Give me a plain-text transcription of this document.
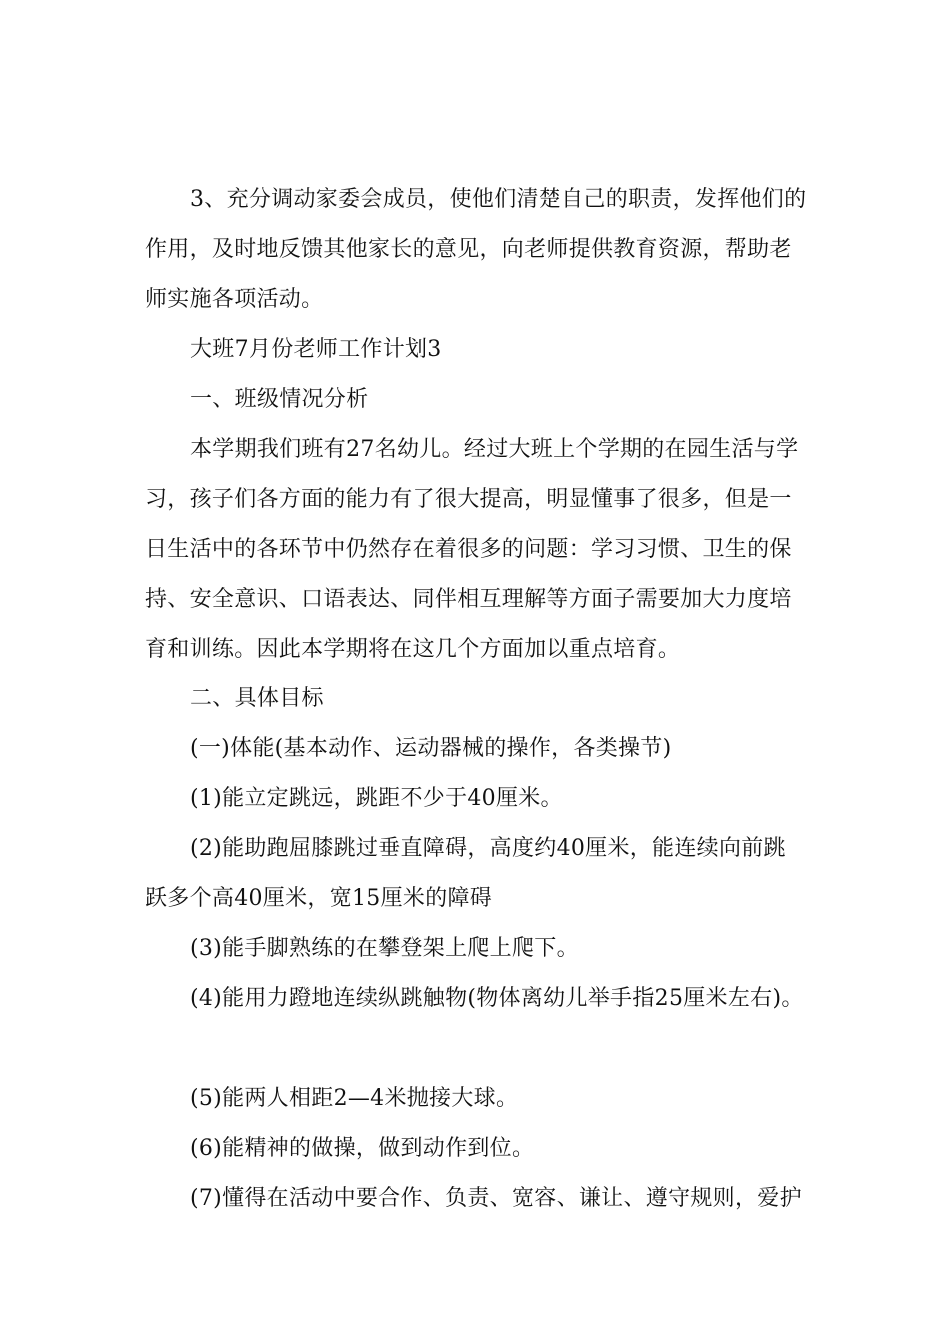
3、充分调动家委会成员，使他们清楚自己的职责，发挥他们的
作用，及时地反馈其他家长的意见，向老师提供教育资源，帮助老
师实施各项活动。
大班7月份老师工作计划3
一、班级情况分析
本学期我们班有27名幼儿。经过大班上个学期的在园生活与学
习，孩子们各方面的能力有了很大提高，明显懂事了很多，但是一
日生活中的各环节中仍然存在着很多的问题：学习习惯、卫生的保
持、安全意识、口语表达、同伴相互理解等方面子需要加大力度培
育和训练。因此本学期将在这几个方面加以重点培育。
二、具体目标
(一)体能(基本动作、运动器械的操作，各类操节)
(1)能立定跳远，跳距不少于40厘米。
(2)能助跑屈膝跳过垂直障碍，高度约40厘米，能连续向前跳
跃多个高40厘米，宽15厘米的障碍
(3)能手脚熟练的在攀登架上爬上爬下。
(4)能用力蹬地连续纵跳触物(物体离幼儿举手指25厘米左右)。
(5)能两人相距2—4米抛接大球。
(6)能精神的做操，做到动作到位。
(7)懂得在活动中要合作、负责、宽容、谦让、遵守规则，爱护
